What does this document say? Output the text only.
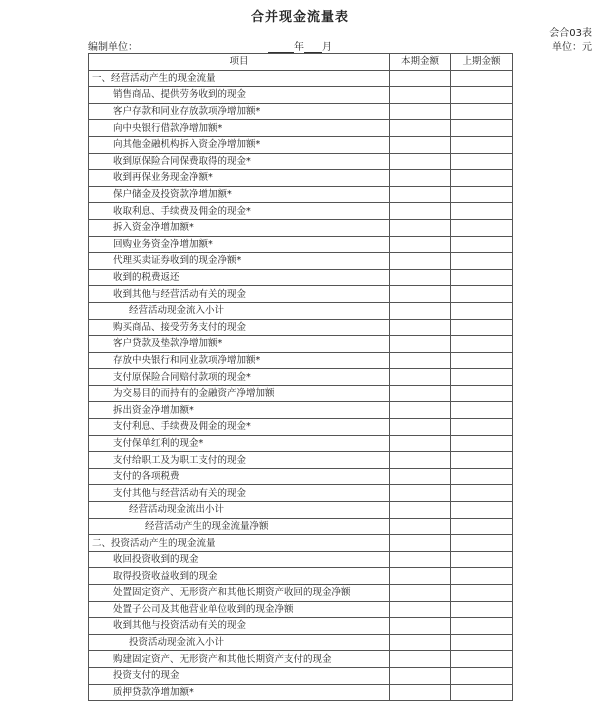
合并现金流量表
会合03表
编制单位：	年 月	单位：元
项目	本期金额	上期金额
一、经营活动产生的现金流量		
销售商品、提供劳务收到的现金		
客户存款和同业存放款项净增加额*		
向中央银行借款净增加额*		
向其他金融机构拆入资金净增加额*		
收到原保险合同保费取得的现金*		
收到再保业务现金净额*		
保户储金及投资款净增加额*		
收取利息、手续费及佣金的现金*		
拆入资金净增加额*		
回购业务资金净增加额*		
代理买卖证券收到的现金净额*		
收到的税费返还		
收到其他与经营活动有关的现金		
经营活动现金流入小计		
购买商品、接受劳务支付的现金		
客户贷款及垫款净增加额*		
存放中央银行和同业款项净增加额*		
支付原保险合同赔付款项的现金*		
为交易目的而持有的金融资产净增加额		
拆出资金净增加额*		
支付利息、手续费及佣金的现金*		
支付保单红利的现金*		
支付给职工及为职工支付的现金		
支付的各项税费		
支付其他与经营活动有关的现金		
经营活动现金流出小计		
经营活动产生的现金流量净额		
二、投资活动产生的现金流量		
收回投资收到的现金		
取得投资收益收到的现金		
处置固定资产、无形资产和其他长期资产收回的现金净额		
处置子公司及其他营业单位收到的现金净额		
收到其他与投资活动有关的现金		
投资活动现金流入小计		
购建固定资产、无形资产和其他长期资产支付的现金		
投资支付的现金		
质押贷款净增加额*		
